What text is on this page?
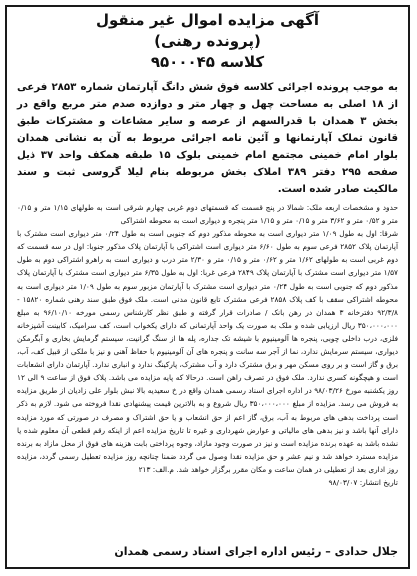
آگهی مزایده اموال غیر منقول
(پرونده رهنی)
کلاسه ۹۵۰۰۰۴۵
به موجب پرونده اجرائی کلاسه فوق شش دانگ آپارتمان شماره ۲۸۵۳ فرعی از ۱۸ اصلی به مساحت چهل و چهار متر و دوازده صدم متر مربع واقع در بخش ۳ همدان با قدرالسهم از عرصه و سایر مشاعات و مشترکات طبق قانون تملک آپارتمانها و آئین نامه اجرائی مربوط به آن به نشانی همدان بلوار امام خمینی مجتمع امام خمینی بلوک ۱۵ طبقه همکف واحد ۳۷ ذیل صفحه ۲۹۵ دفتر ۳۸۹ املاک بخش مربوطه بنام لیلا گروسی ثبت و سند مالکیت صادر شده است.

حدود و مشخصات اربعه ملک: شمالا در پنج قسمت که قسمتهای دوم غربی چهارم شرقی است به طولهای ۱/۱۵ متر و ۰/۱۵ متر و ۰/۵۲ متر و ۳/۶۲ متر و ۰/۱۵ متر و ۱/۱۵ متر پنجره و دیواری است به محوطه اشتراکی

شرقا: اول به طول ۱/۰۹ متر دیواری است به محوطه مذکور دوم که جنوبی است به طول ۰/۲۴ متر دیواری است مشترک با آپارتمان پلاک ۲۸۵۲ فرعی سوم به طول ۶/۶۰ متر دیواری است اشتراکی با آپارتمان پلاک مذکور جنوبا: اول در سه قسمت که دوم غربی است به طولهای ۱/۶۲ متر و ۰/۶۲ متر و ۰/۱۵ متر و ۲/۳۰ متر درب و دیواری است به راهرو اشتراکی دوم به طول ۱/۵۷ متر دیواری است مشترک با آپارتمان پلاک ۲۸۴۹ فرعی غربا: اول به طول ۶/۳۵ متر دیواری است مشترک با آپارتمان پلاک مذکور دوم که جنوبی است به طول ۰/۲۴ متر دیواری است مشترک با آپارتمان مزبور سوم به طول ۱/۰۹ متر دیواری است به محوطه اشتراکی سقف با کف پلاک ۲۸۵۸ فرعی مشترک تابع قانون مدنی است. ملک فوق طبق سند رهنی شماره ۱۵۸۲۰ - ۹۲/۳/۸ دفترخانه ۳ همدان در رهن بانک / صادرات قرار گرفته و طبق نظر کارشناس رسمی مورخه ۹۶/۱۰/۱۰ به مبلغ ۳۵۰،۰۰۰،۰۰۰ ریال ارزیابی شده و ملک به صورت یک واحد آپارتمانی که دارای یکخواب است، کف سرامیک، کابینت آشپزخانه فلزی، درب داخلی چوبی، پنجره ها آلومینیوم با شیشه تک جداره، پله ها از سنگ گرانیت، سیستم گرمایش بخاری و آبگرمکن دیواری، سیستم سرمایش ندارد، نما از آجر سه سانت و پنجره های آن آلومینیوم با حفاظ آهنی و نیز با ملکی از قبیل کف، آب، برق و گاز است و بر روی مسکن مهر و برق مشترک دارد و آب مشترک، پارکینگ ندارد و انباری ندارد. آپارتمان دارای انشعابات است و هیچگونه کسری ندارد. ملک فوق در تصرف راهن است. درحالا که پایه مزایده می باشد. پلاک فوق از ساعت ۹ الی ۱۲ روز یکشنبه مورخ ۹۸/۰۳/۲۶ در اداره اجرای اسناد رسمی همدان واقع در خ سعیدیه بالا نبش بلوار علی زادیان از طریق مزایده به فروش می رسد. مزایده از مبلغ ۳۵۰،۰۰۰،۰۰۰ ریال شروع و به بالاترین قیمت پیشنهادی نقدا فروخته می شود. لازم به ذکر است پرداخت بدهی های مربوط به آب، برق، گاز اعم از حق انشعاب و یا حق اشتراک و مصرف در صورتی که مورد مزایده دارای آنها باشد و نیز بدهی های مالیاتی و عوارض شهرداری و غیره تا تاریخ مزایده اعم از اینکه رقم قطعی آن معلوم شده یا نشده باشد به عهده برنده مزایده است و نیز در صورت وجود مازاد، وجوه پرداختی بابت هزینه های فوق از محل مازاد به برنده مزایده مسترد خواهد شد و نیم عشر و حق مزایده نقدا وصول می گردد ضمنا چنانچه روز مزایده تعطیل رسمی گردد، مزایده روز اداری بعد از تعطیلی در همان ساعت و مکان مقرر برگزار خواهد شد. م.الف: ۲۱۳

تاریخ انتشار: ۹۸/۰۳/۰۷
جلال حدادی – رئیس اداره اجرای اسناد رسمی همدان
